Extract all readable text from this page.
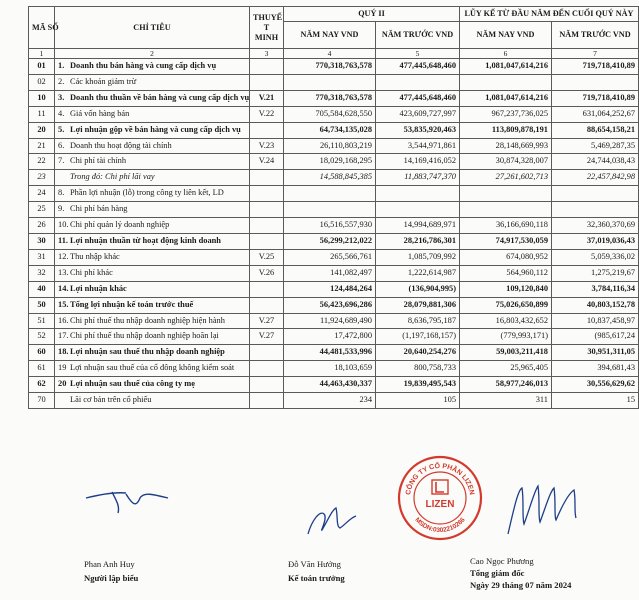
MÃ SỐ	CHỈ TIÊU	THUYẾ T MINH	QUÝ II		LŨY KẾ TỪ ĐẦU NĂM ĐẾN CUỐI QUÝ NÀY	
			NĂM NAY VND	NĂM TRƯỚC VND	NĂM NAY VND	NĂM TRƯỚC VND
1	2	3	4	5	6	7
01	1. Doanh thu bán hàng và cung cấp dịch vụ		770,318,763,578	477,445,648,460	1,081,047,614,216	719,718,410,89
02	2. Các khoản giảm trừ					
10	3. Doanh thu thuần về bán hàng và cung cấp dịch vụ	V.21	770,318,763,578	477,445,648,460	1,081,047,614,216	719,718,410,89
11	4. Giá vốn hàng bán	V.22	705,584,628,550	423,609,727,997	967,237,736,025	631,064,252,67
20	5. Lợi nhuận gộp về bán hàng và cung cấp dịch vụ		64,734,135,028	53,835,920,463	113,809,878,191	88,654,158,21
21	6. Doanh thu hoạt động tài chính	V.23	26,110,803,219	3,544,971,861	28,148,669,993	5,469,287,35
22	7. Chi phí tài chính	V.24	18,029,168,295	14,169,416,052	30,874,328,007	24,744,038,43
23	Trong đó: Chi phí lãi vay		14,588,845,385	11,883,747,370	27,261,602,713	22,457,842,98
24	8. Phần lợi nhuận (lỗ) trong công ty liên kết, LD					
25	9. Chi phí bán hàng					
26	10. Chi phí quản lý doanh nghiệp		16,516,557,930	14,994,689,971	36,166,690,118	32,360,370,69
30	11. Lợi nhuận thuần từ hoạt động kinh doanh		56,299,212,022	28,216,786,301	74,917,530,059	37,019,036,43
31	12. Thu nhập khác	V.25	265,566,761	1,085,709,992	674,080,952	5,059,336,02
32	13. Chi phí khác	V.26	141,082,497	1,222,614,987	564,960,112	1,275,219,67
40	14. Lợi nhuận khác		124,484,264	(136,904,995)	109,120,840	3,784,116,34
50	15. Tổng lợi nhuận kế toán trước thuế		56,423,696,286	28,079,881,306	75,026,650,899	40,803,152,78
51	16. Chi phí thuế thu nhập doanh nghiệp hiện hành	V.27	11,924,689,490	8,636,795,187	16,803,432,652	10,837,458,97
52	17. Chi phí thuế thu nhập doanh nghiệp hoãn lại	V.27	17,472,800	(1,197,168,157)	(779,993,171)	(985,617,24
60	18. Lợi nhuận sau thuế thu nhập doanh nghiệp		44,481,533,996	20,640,254,276	59,003,211,418	30,951,311,05
61	19 Lợi nhuận sau thuế của cổ đông không kiểm soát		18,103,659	800,758,733	25,965,405	394,681,43
62	20 Lợi nhuận sau thuế của công ty mẹ		44,463,430,337	19,839,495,543	58,977,246,013	30,556,629,62
70	Lãi cơ bản trên cổ phiếu		234	105	311	15
CÔNG TY CỔ PHẦN LIZEN
MSDN:0302210266
LIZEN
Phan Anh Huy
Người lập biểu
Đỗ Văn Hưởng
Kế toán trưởng
Cao Ngọc Phương
Tổng giám đốc
Ngày 29 tháng 07 năm 2024
